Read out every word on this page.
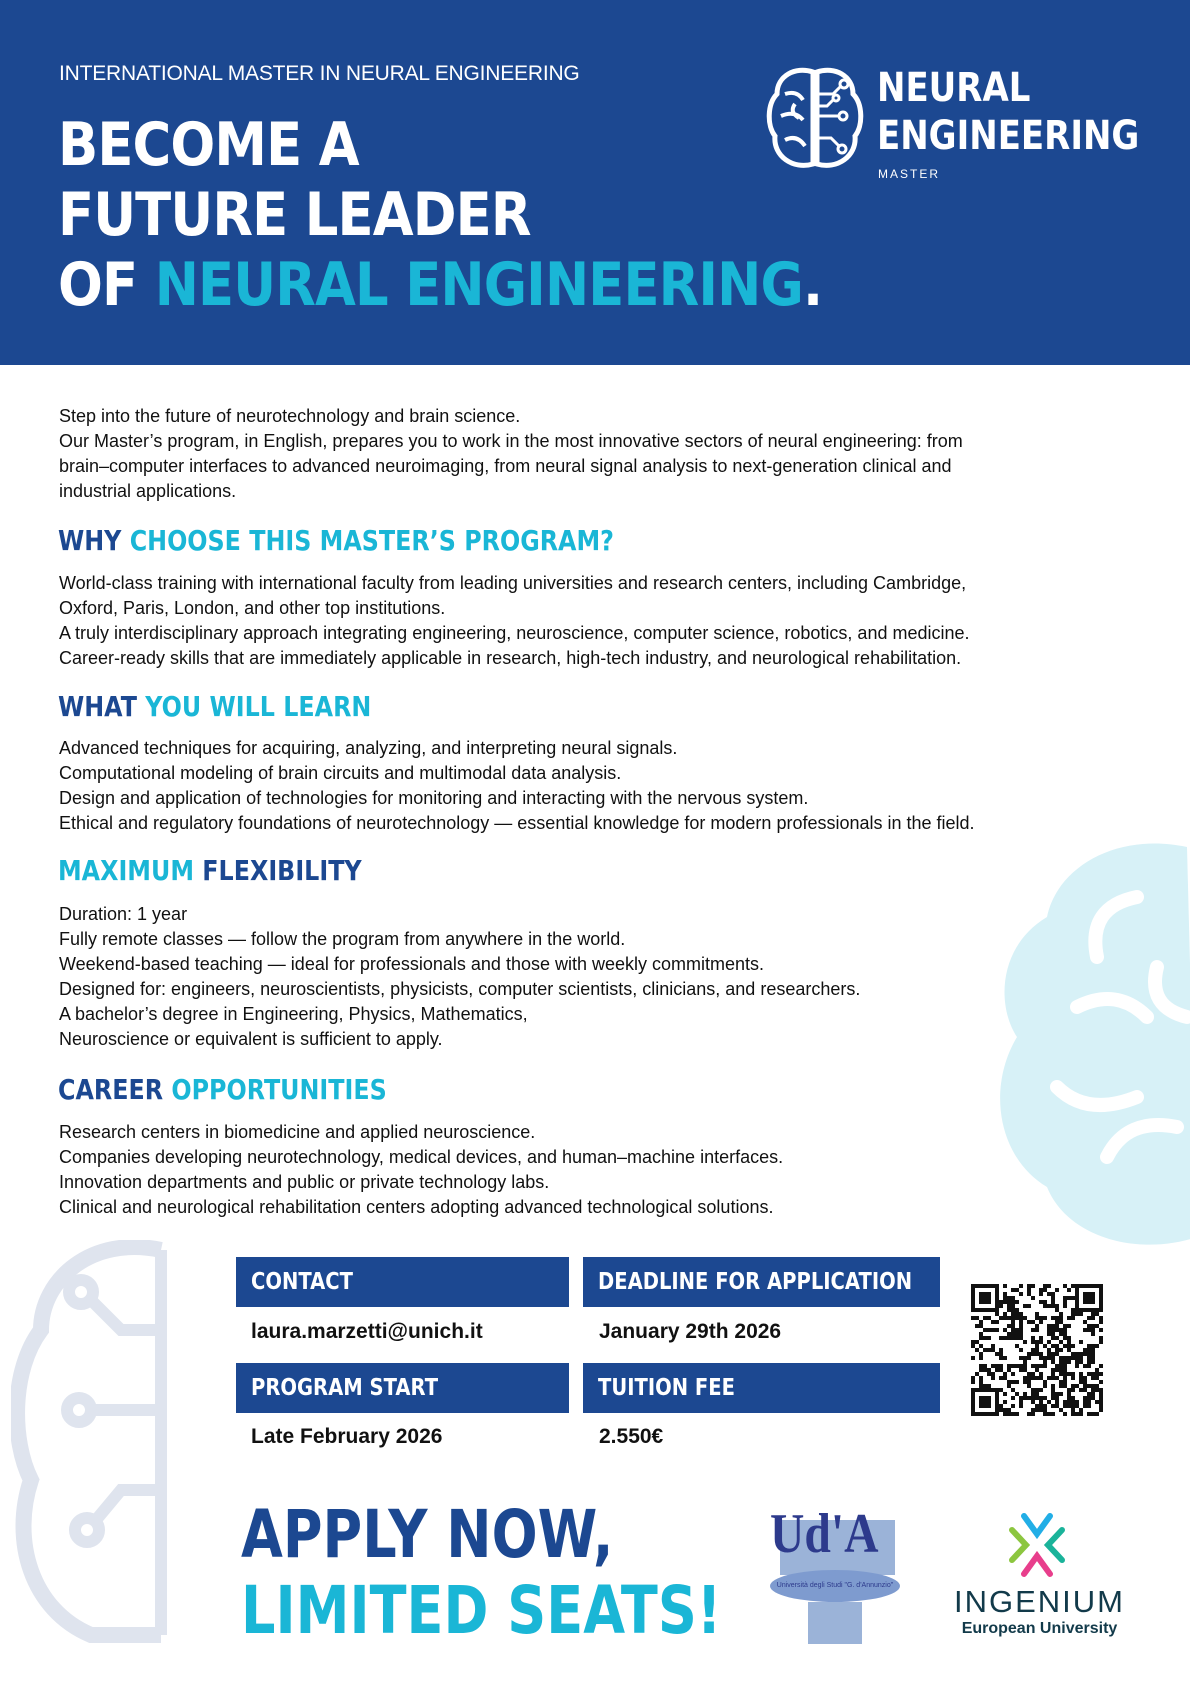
INTERNATIONAL MASTER IN NEURAL ENGINEERING
BECOME A
FUTURE LEADER
OF NEURAL ENGINEERING.
NEURAL
ENGINEERING
MASTER
Step into the future of neurotechnology and brain science.
Our Master’s program, in English, prepares you to work in the most innovative sectors of neural engineering: from
brain–computer interfaces to advanced neuroimaging, from neural signal analysis to next-generation clinical and
industrial applications.
WHY CHOOSE THIS MASTER’S PROGRAM?
World-class training with international faculty from leading universities and research centers, including Cambridge,
Oxford, Paris, London, and other top institutions.
A truly interdisciplinary approach integrating engineering, neuroscience, computer science, robotics, and medicine.
Career-ready skills that are immediately applicable in research, high-tech industry, and neurological rehabilitation.
WHAT YOU WILL LEARN
Advanced techniques for acquiring, analyzing, and interpreting neural signals.
Computational modeling of brain circuits and multimodal data analysis.
Design and application of technologies for monitoring and interacting with the nervous system.
Ethical and regulatory foundations of neurotechnology — essential knowledge for modern professionals in the field.
MAXIMUM FLEXIBILITY
Duration: 1 year
Fully remote classes — follow the program from anywhere in the world.
Weekend-based teaching — ideal for professionals and those with weekly commitments.
Designed for: engineers, neuroscientists, physicists, computer scientists, clinicians, and researchers.
A bachelor’s degree in Engineering, Physics, Mathematics,
Neuroscience or equivalent is sufficient to apply.
CAREER OPPORTUNITIES
Research centers in biomedicine and applied neuroscience.
Companies developing neurotechnology, medical devices, and human–machine interfaces.
Innovation departments and public or private technology labs.
Clinical and neurological rehabilitation centers adopting advanced technological solutions.
CONTACT	DEADLINE FOR APPLICATION
laura.marzetti@unich.it	January 29th 2026
PROGRAM START	TUITION FEE
Late February 2026	2.550€
APPLY NOW,
LIMITED SEATS!
Ud'A
Università degli Studi "G. d'Annunzio"	INGENIUM
European University
